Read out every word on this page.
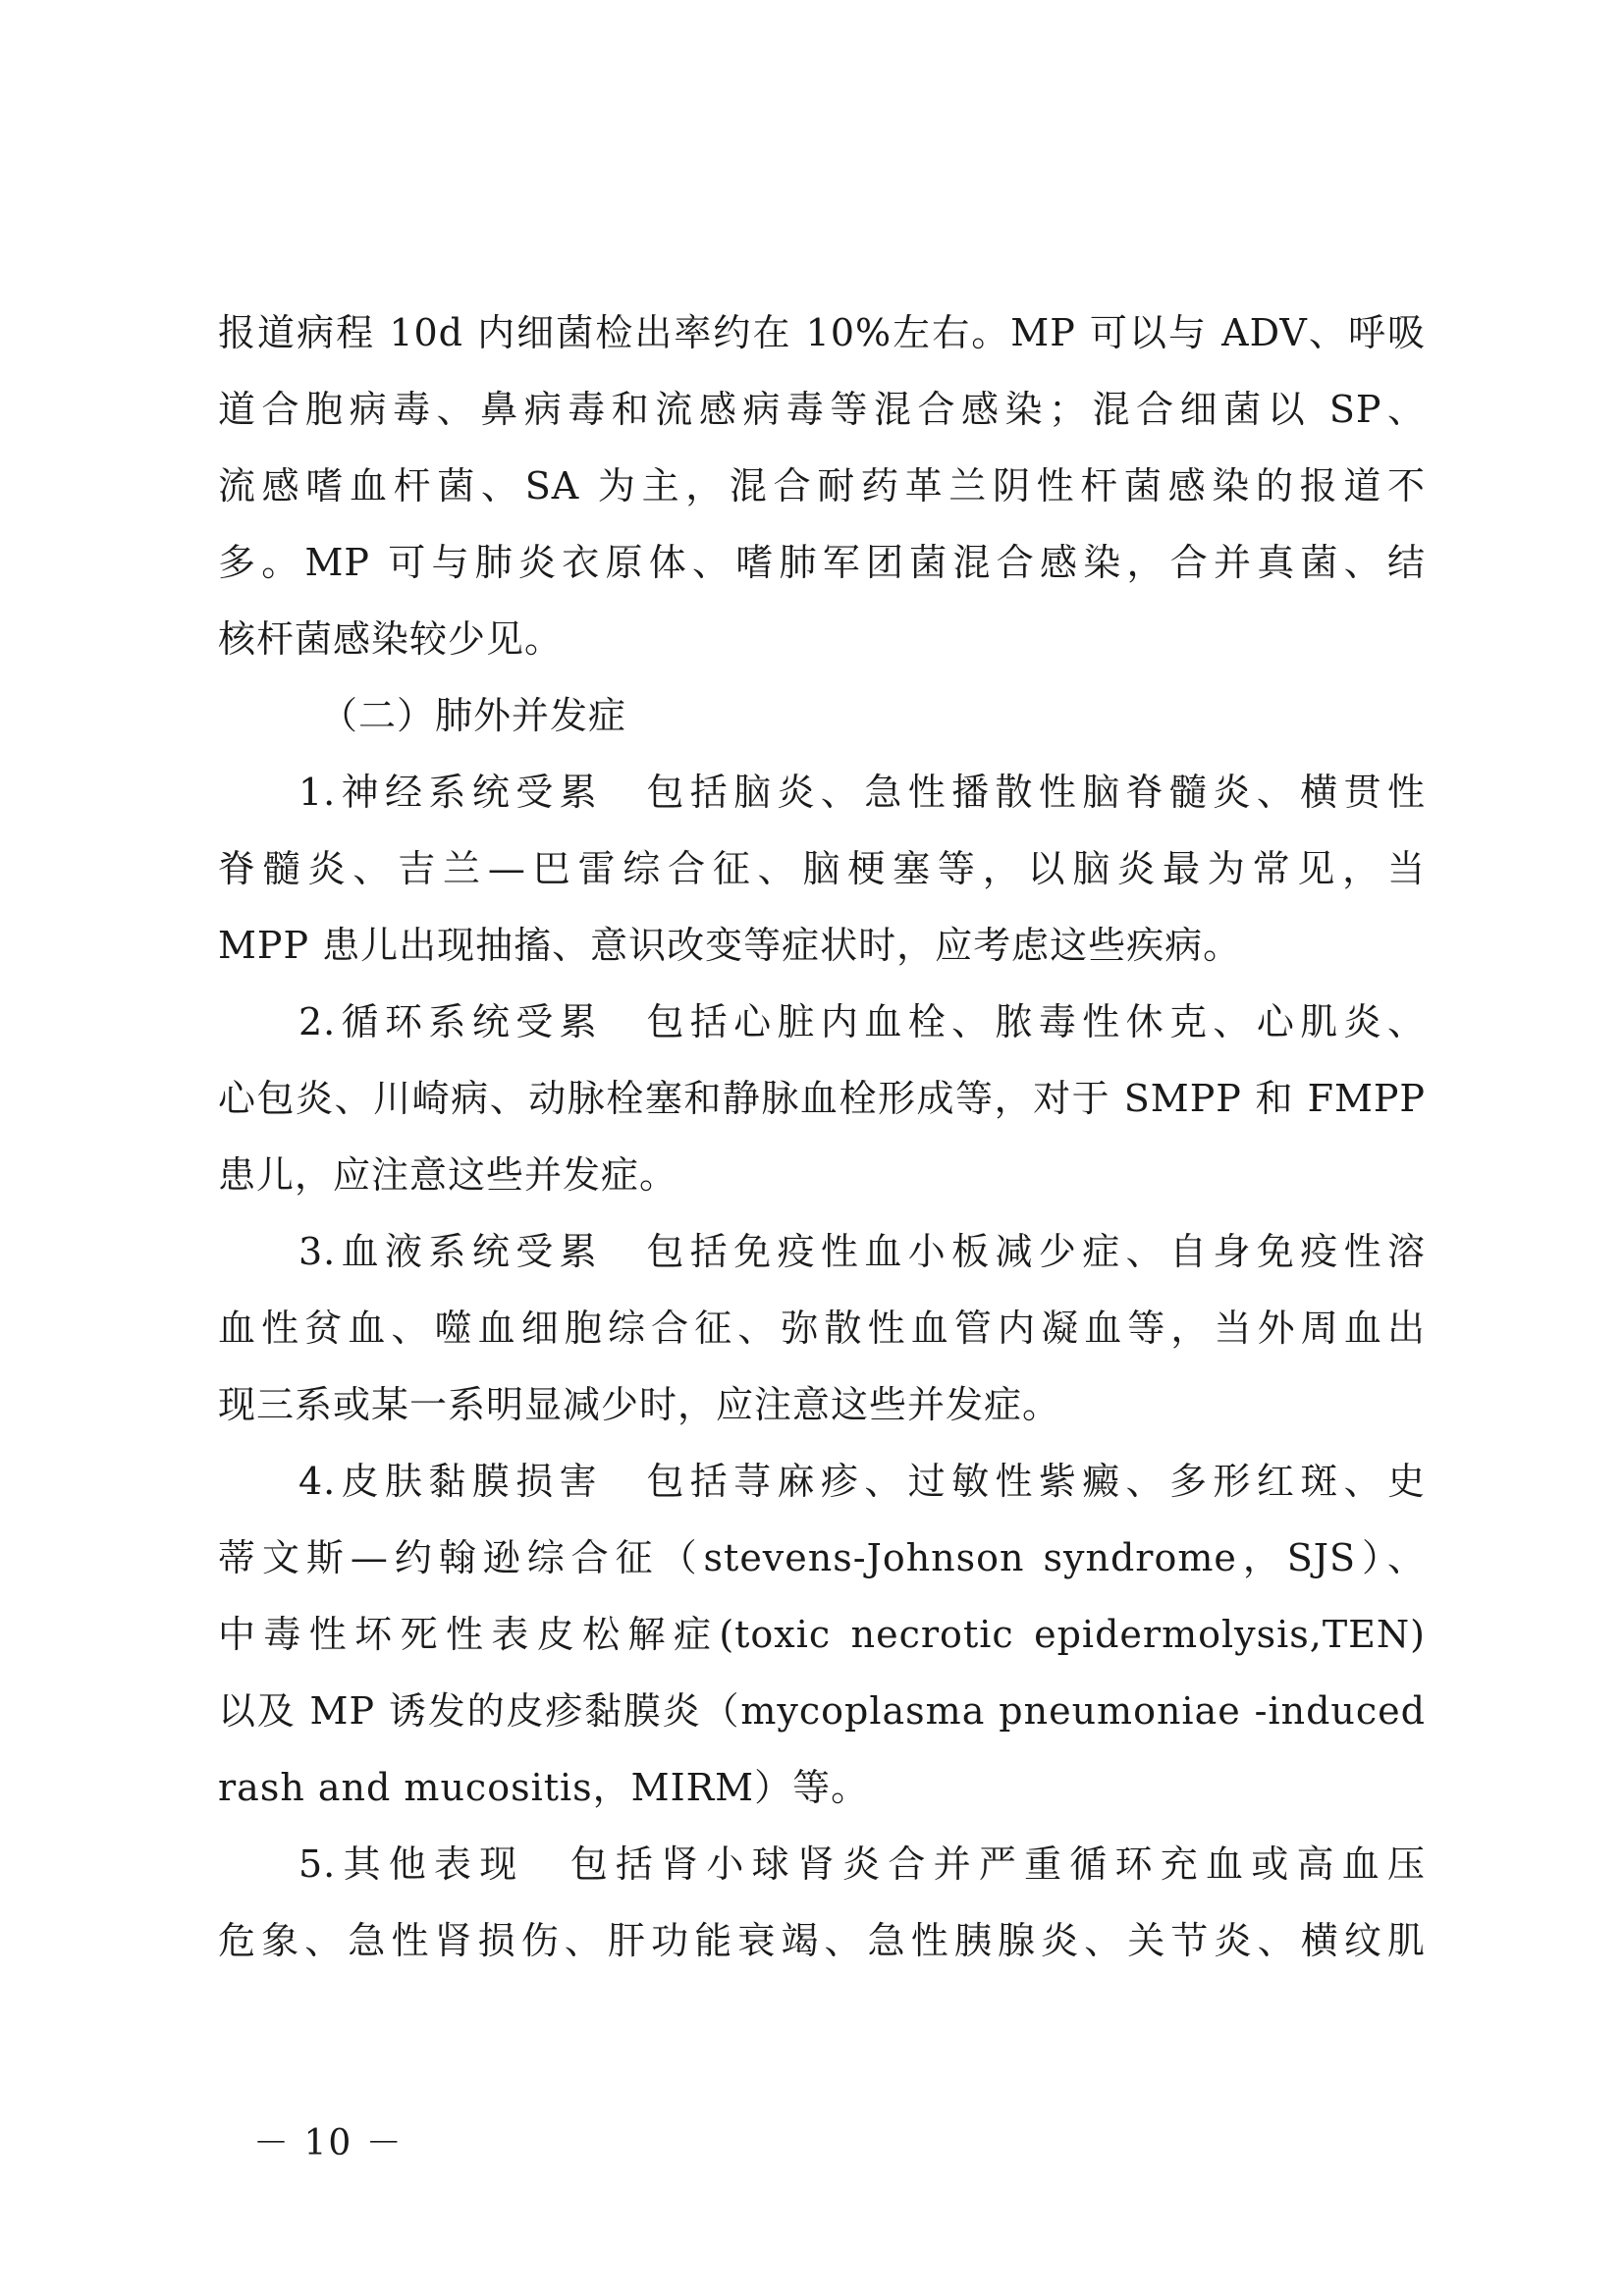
报道病程 10d 内细菌检出率约在 10%左右。MP 可以与 ADV、呼吸
道合胞病毒、鼻病毒和流感病毒等混合感染；混合细菌以 SP、
流感嗜血杆菌、SA 为主，混合耐药革兰阴性杆菌感染的报道不
多。MP 可与肺炎衣原体、嗜肺军团菌混合感染，合并真菌、结
核杆菌感染较少见。
（二）肺外并发症
1.神经系统受累　包括脑炎、急性播散性脑脊髓炎、横贯性
脊髓炎、吉兰—巴雷综合征、脑梗塞等，以脑炎最为常见，当
MPP 患儿出现抽搐、意识改变等症状时，应考虑这些疾病。
2.循环系统受累　包括心脏内血栓、脓毒性休克、心肌炎、
心包炎、川崎病、动脉栓塞和静脉血栓形成等，对于 SMPP 和 FMPP
患儿，应注意这些并发症。
3.血液系统受累　包括免疫性血小板减少症、自身免疫性溶
血性贫血、噬血细胞综合征、弥散性血管内凝血等，当外周血出
现三系或某一系明显减少时，应注意这些并发症。
4.皮肤黏膜损害　包括荨麻疹、过敏性紫癜、多形红斑、史
蒂文斯—约翰逊综合征（stevens-Johnson syndrome，SJS）、
中毒性坏死性表皮松解症(toxic necrotic epidermolysis,TEN)
以及 MP 诱发的皮疹黏膜炎（mycoplasma pneumoniae -induced
rash and mucositis，MIRM）等。
5.其他表现　包括肾小球肾炎合并严重循环充血或高血压
危象、急性肾损伤、肝功能衰竭、急性胰腺炎、关节炎、横纹肌
－ 10 －
